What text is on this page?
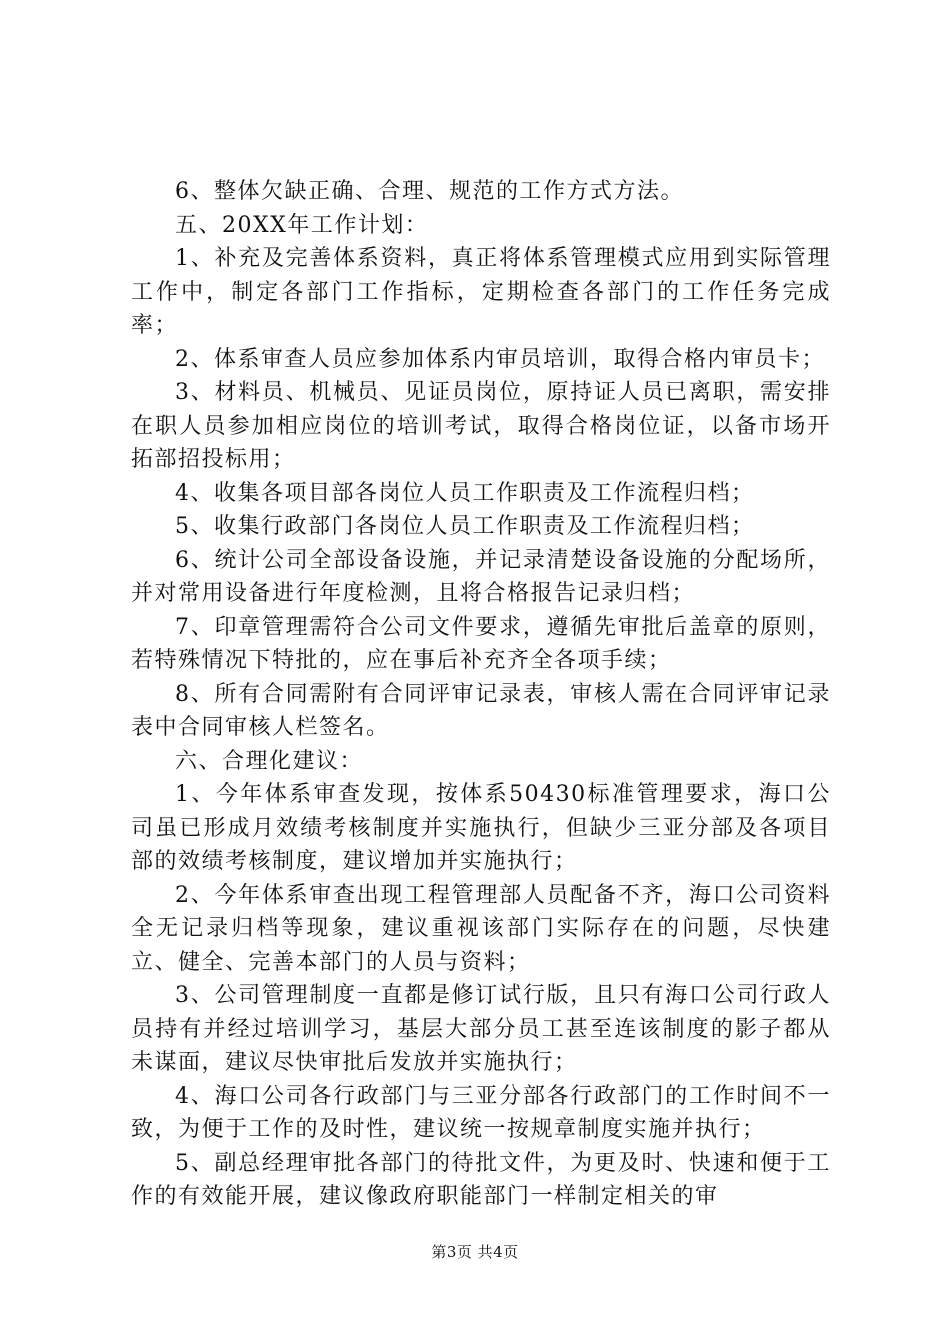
6、整体欠缺正确、合理、规范的工作方式方法。

五、20XX年工作计划：

1、补充及完善体系资料，真正将体系管理模式应用到实际管理工作中，制定各部门工作指标，定期检查各部门的工作任务完成率；

2、体系审查人员应参加体系内审员培训，取得合格内审员卡；

3、材料员、机械员、见证员岗位，原持证人员已离职，需安排在职人员参加相应岗位的培训考试，取得合格岗位证，以备市场开拓部招投标用；

4、收集各项目部各岗位人员工作职责及工作流程归档；

5、收集行政部门各岗位人员工作职责及工作流程归档；

6、统计公司全部设备设施，并记录清楚设备设施的分配场所，并对常用设备进行年度检测，且将合格报告记录归档；

7、印章管理需符合公司文件要求，遵循先审批后盖章的原则，若特殊情况下特批的，应在事后补充齐全各项手续；

8、所有合同需附有合同评审记录表，审核人需在合同评审记录表中合同审核人栏签名。

六、合理化建议：

1、今年体系审查发现，按体系50430标准管理要求，海口公司虽已形成月效绩考核制度并实施执行，但缺少三亚分部及各项目部的效绩考核制度，建议增加并实施执行；

2、今年体系审查出现工程管理部人员配备不齐，海口公司资料全无记录归档等现象，建议重视该部门实际存在的问题，尽快建立、健全、完善本部门的人员与资料；

3、公司管理制度一直都是修订试行版，且只有海口公司行政人员持有并经过培训学习，基层大部分员工甚至连该制度的影子都从未谋面，建议尽快审批后发放并实施执行；

4、海口公司各行政部门与三亚分部各行政部门的工作时间不一致，为便于工作的及时性，建议统一按规章制度实施并执行；

5、副总经理审批各部门的待批文件，为更及时、快速和便于工作的有效能开展，建议像政府职能部门一样制定相关的审

第3页 共4页
